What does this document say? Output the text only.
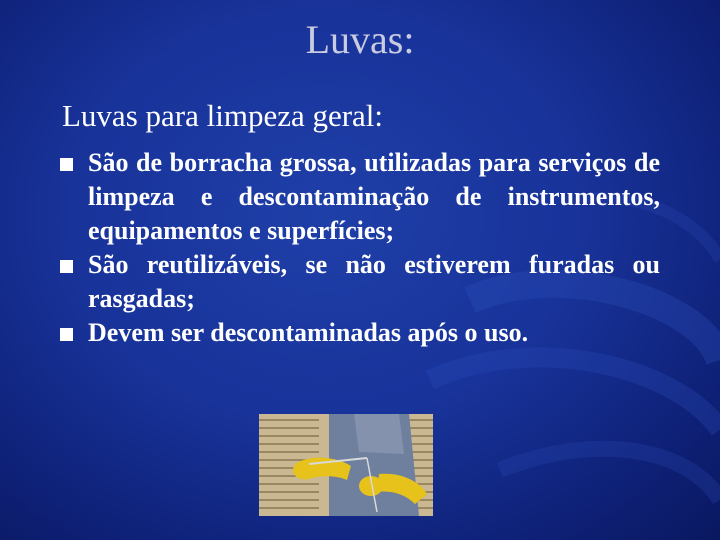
Luvas:
Luvas para limpeza geral:
São de borracha grossa, utilizadas para serviços de limpeza e descontaminação de instrumentos, equipamentos e superfícies;
São reutilizáveis, se não estiverem furadas ou rasgadas;
Devem ser descontaminadas após o uso.
